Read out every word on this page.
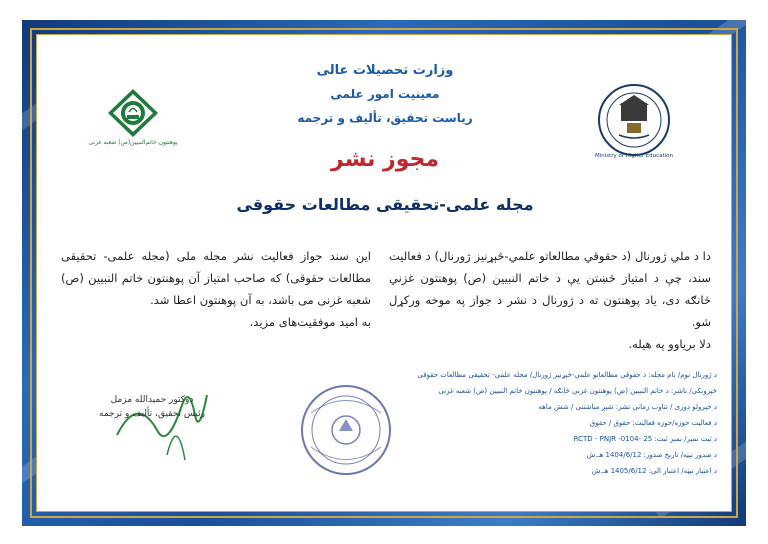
وزارت تحصیلات عالی
معینیت امور علمی
ریاست تحقیق، تألیف و ترجمه
مجوز نشر
مجله علمی-تحقیقی مطالعات حقوقی
پوهنتون خاتم‌النبیین(ص) شعبه غزنی
Ministry of Higher Education
دا د ملي ژورنال (د حقوقي مطالعاتو علمي-څېړنيز ژورنال) د فعالیت سند، چې د امتیاز څښتن یې د خاتم النبیین (ص) پوهنتون غزني څانګه دی، یاد پوهنتون ته د ژورنال د نشر د جواز په موخه ورکړل شو.
دلا بریاوو په هیله.
این سند جواز فعالیت نشر مجله ملی (مجله علمی- تحقیقی مطالعات حقوقی) که صاحب امتیاز آن پوهنتون خاتم النبیین (ص) شعبه غزنی می باشد، به آن پوهنتون اعطا شد.
به امید موفقیت‌های مزید.
د ژورنال نوم/ نام مجله: د حقوقي مطالعاتو علمي-څېړنيز ژورنال/ مجله علمی- تحقیقی مطالعات حقوقی
څېرونکی/ ناشر: د خاتم النبیین (ص) پوهنتون غزني څانګه / پوهنتون خاتم النبیین (ص) شعبه غزنی
د خپرولو دوری / تناوب زمانی نشر: شپږ میاشتنی / شش ماهه
د فعالیت حوزه/حوزه فعالیت: حقوق / حقوق
د ثبت نمبر/ نمبر ثبت: RCTD - PNJR -0104- 25
د صدور نېټه/ تاریخ صدور: 1404/6/12 هـ.ش
د اعتبار نېټه/ اعتبار الی: 1405/6/12 هـ.ش
دوکتور حمیدالله مزمل
رئیس تحقیق، تألیف و ترجمه
